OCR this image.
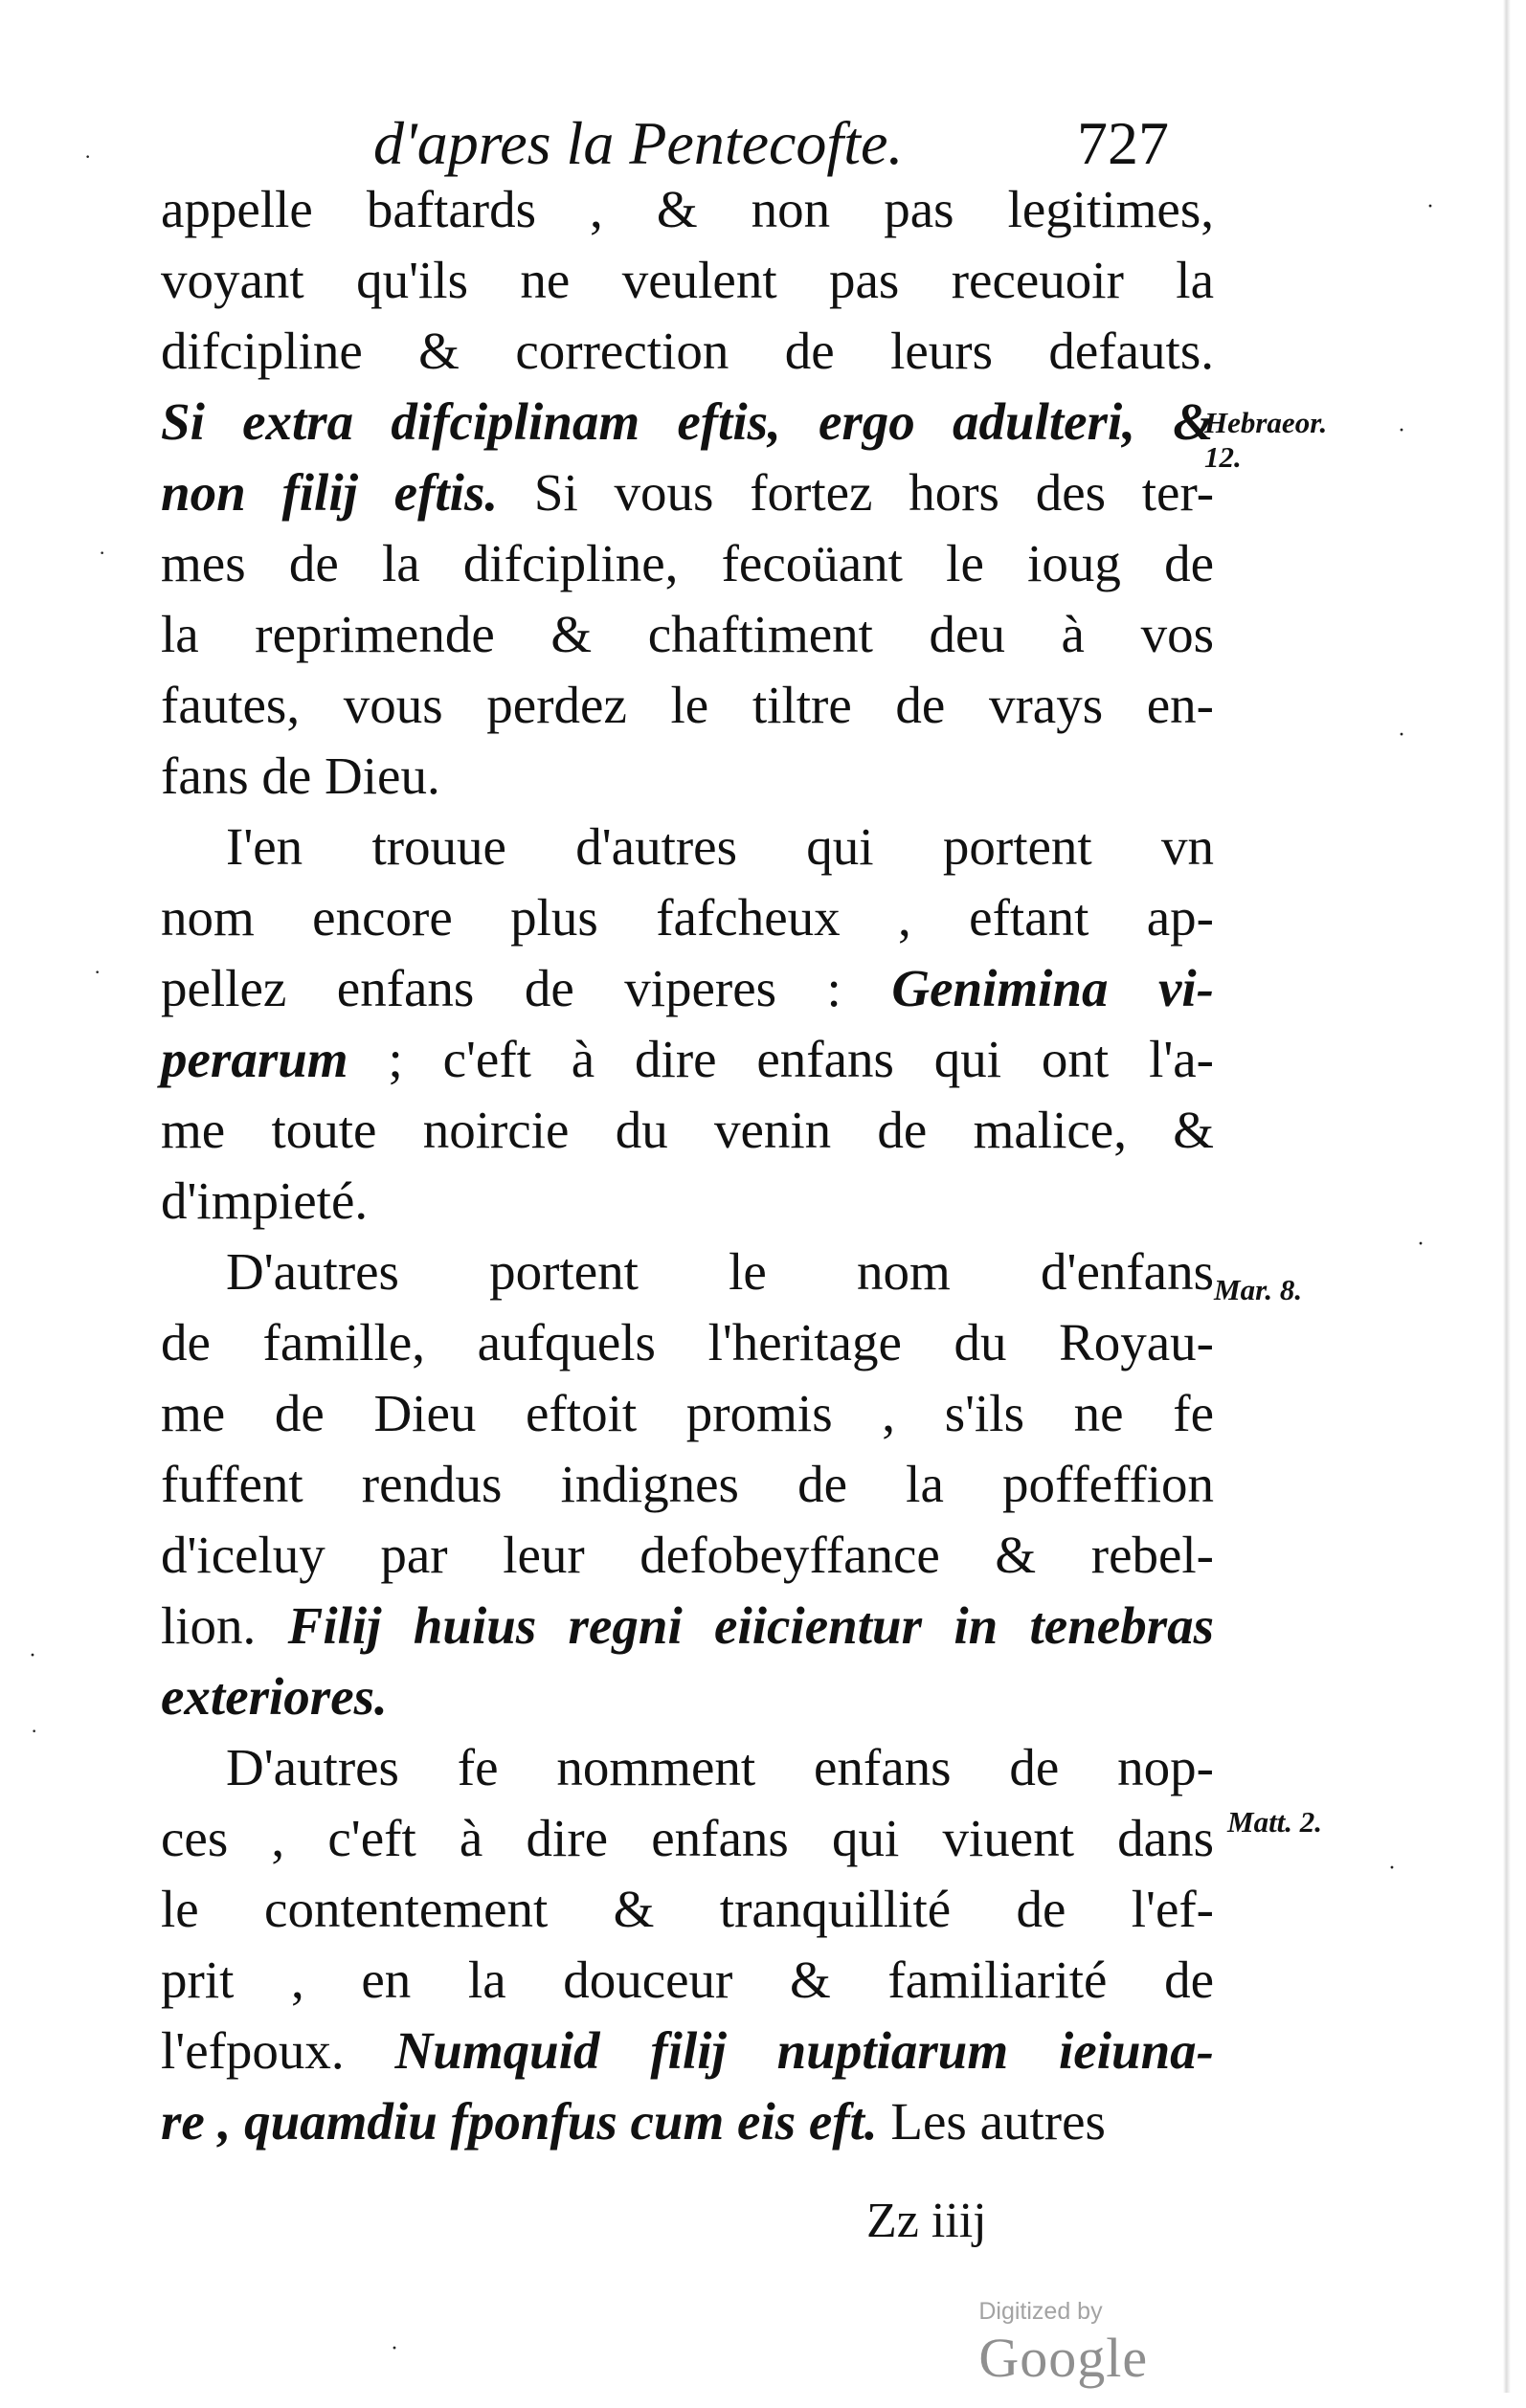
d'apres la Pentecofte.	727
appelle baftards , & non pas legitimes,
voyant qu'ils ne veulent pas receuoir la
difcipline & correction de leurs defauts.
Si extra difciplinam eftis, ergo adulteri, &
non filij eftis. Si vous fortez hors des ter-
mes de la difcipline, fecoüant le ioug de
la reprimende & chaftiment deu à vos
fautes, vous perdez le tiltre de vrays en-
fans de Dieu.
I'en trouue d'autres qui portent vn
nom encore plus fafcheux , eftant ap-
pellez enfans de viperes : Genimina vi-
perarum ; c'eft à dire enfans qui ont l'a-
me toute noircie du venin de malice, &
d'impieté.
D'autres portent le nom d'enfans
de famille, aufquels l'heritage du Royau-
me de Dieu eftoit promis , s'ils ne fe
fuffent rendus indignes de la poffeffion
d'iceluy par leur defobeyffance & rebel-
lion. Filij huius regni eiicientur in tenebras
exteriores.
D'autres fe nomment enfans de nop-
ces , c'eft à dire enfans qui viuent dans
le contentement & tranquillité de l'ef-
prit , en la douceur & familiarité de
l'efpoux. Numquid filij nuptiarum ieiuna-
re , quamdiu fponfus cum eis eft. Les autres
Hebraeor.
12.
Mar. 8.
Matt. 2.
Zz iiij

Digitized by
Google

·
·
·
·
·
·
·
·
·
·
·
